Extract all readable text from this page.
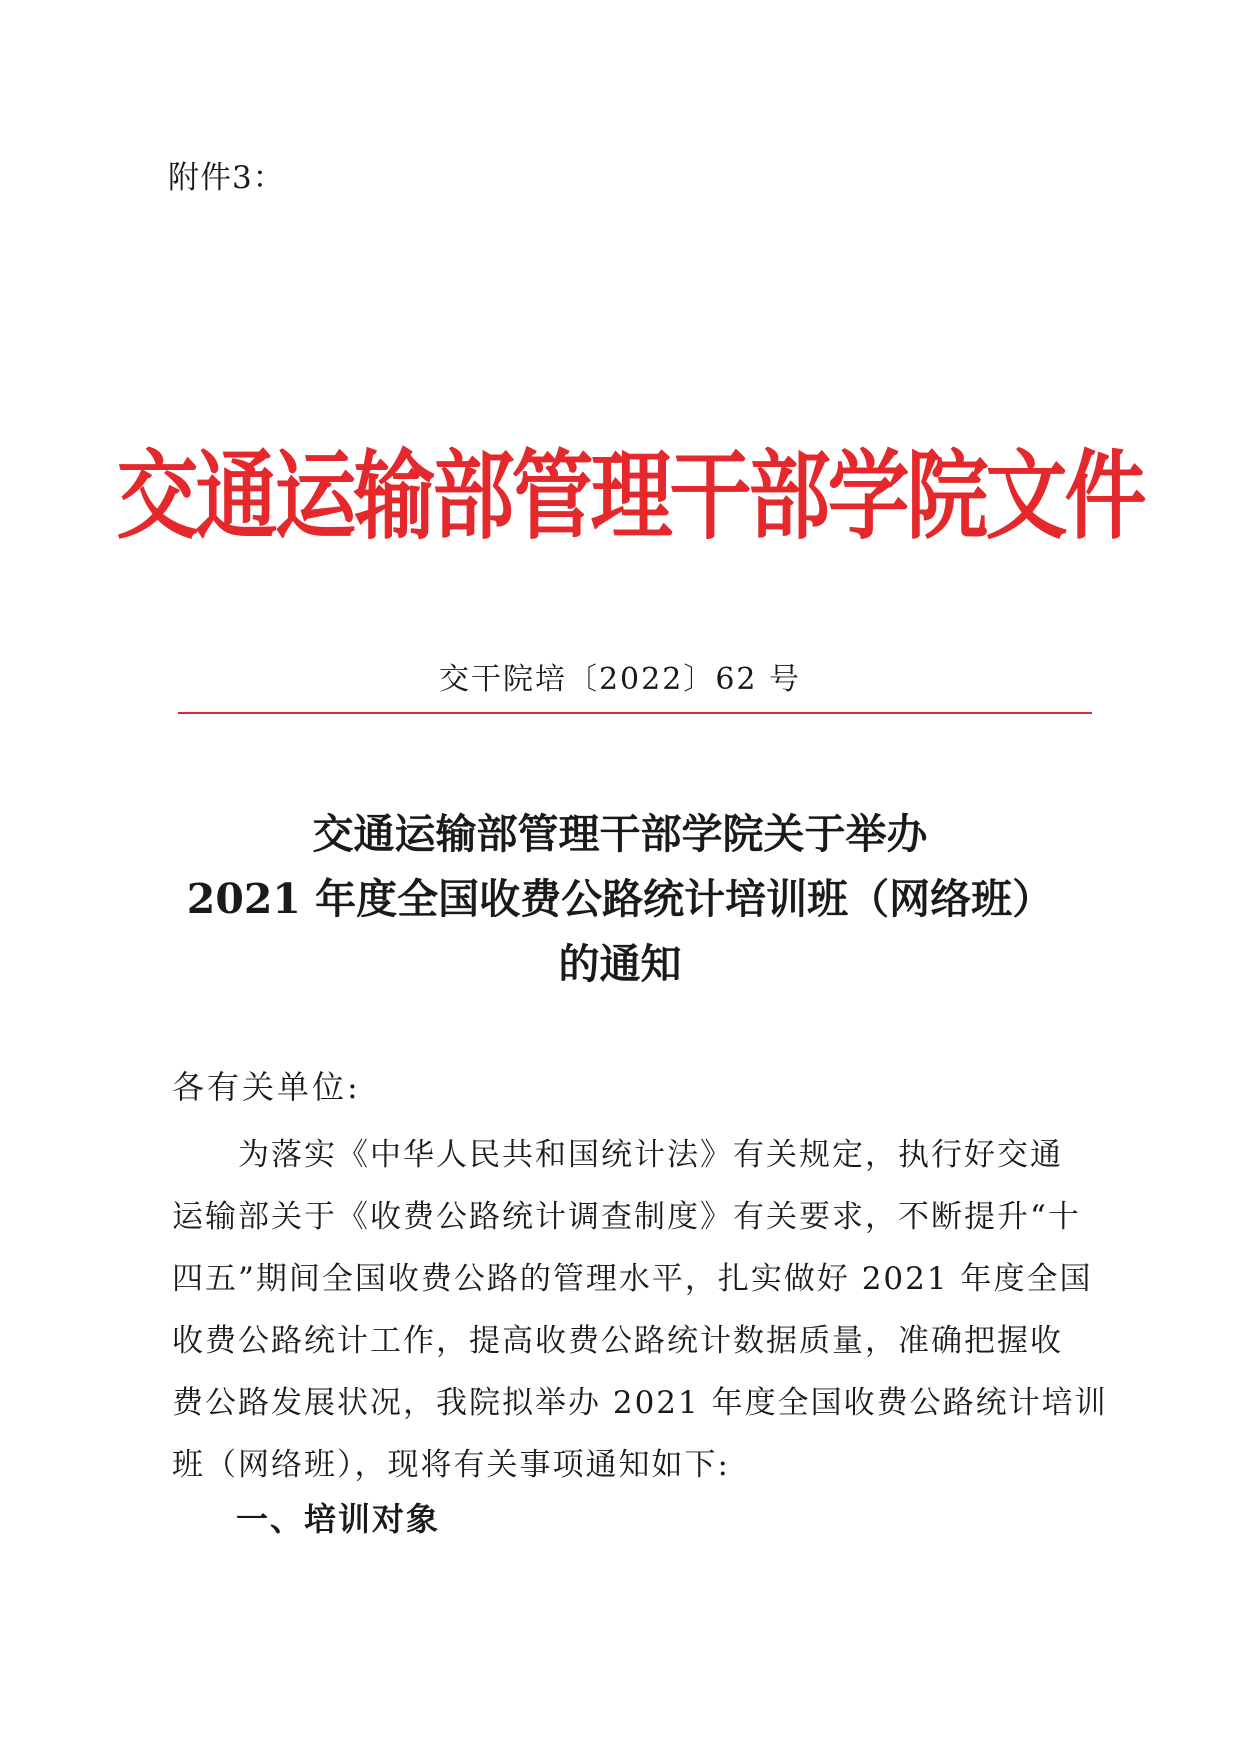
附件3：
交通运输部管理干部学院文件
交干院培〔2022〕62 号
交通运输部管理干部学院关于举办
2021 年度全国收费公路统计培训班（网络班）
的通知
各有关单位:
　　为落实《中华人民共和国统计法》有关规定，执行好交通
运输部关于《收费公路统计调查制度》有关要求，不断提升“十
四五”期间全国收费公路的管理水平，扎实做好 2021 年度全国
收费公路统计工作，提高收费公路统计数据质量，准确把握收
费公路发展状况，我院拟举办 2021 年度全国收费公路统计培训
班（网络班），现将有关事项通知如下:
一、培训对象
